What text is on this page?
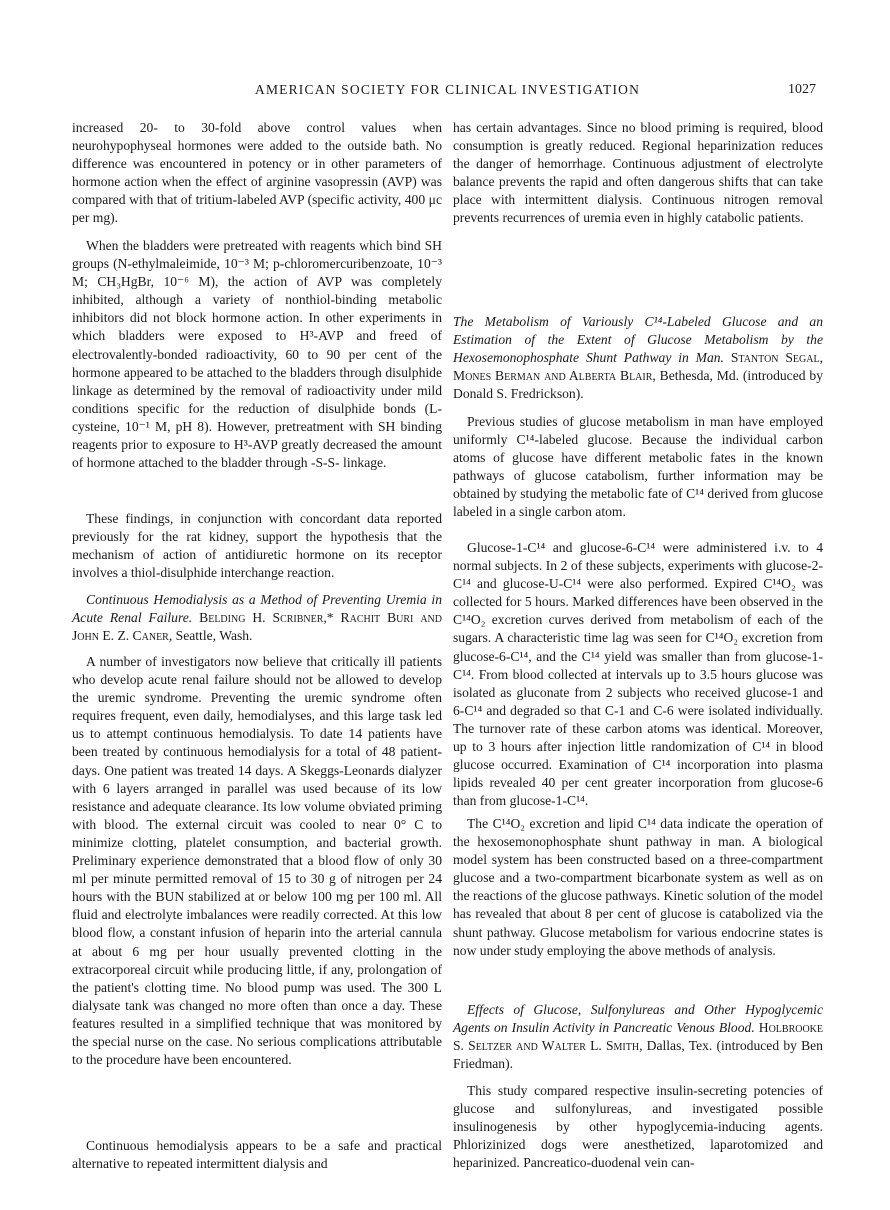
AMERICAN SOCIETY FOR CLINICAL INVESTIGATION	1027

increased 20- to 30-fold above control values when neurohypophyseal hormones were added to the outside bath. No difference was encountered in potency or in other parameters of hormone action when the effect of arginine vasopressin (AVP) was compared with that of tritium-labeled AVP (specific activity, 400 μc per mg).

When the bladders were pretreated with reagents which bind SH groups (N-ethylmaleimide, 10⁻³ M; p-chloromercuribenzoate, 10⁻³ M; CH₃HgBr, 10⁻⁶ M), the action of AVP was completely inhibited, although a variety of nonthiol-binding metabolic inhibitors did not block hormone action. In other experiments in which bladders were exposed to H³-AVP and freed of electrovalently-bonded radioactivity, 60 to 90 per cent of the hormone appeared to be attached to the bladders through disulphide linkage as determined by the removal of radioactivity under mild conditions specific for the reduction of disulphide bonds (L-cysteine, 10⁻¹ M, pH 8). However, pretreatment with SH binding reagents prior to exposure to H³-AVP greatly decreased the amount of hormone attached to the bladder through -S-S- linkage.

These findings, in conjunction with concordant data reported previously for the rat kidney, support the hypothesis that the mechanism of action of antidiuretic hormone on its receptor involves a thiol-disulphide interchange reaction.

Continuous Hemodialysis as a Method of Preventing Uremia in Acute Renal Failure. Belding H. Scribner,* Rachit Buri and John E. Z. Caner, Seattle, Wash.

A number of investigators now believe that critically ill patients who develop acute renal failure should not be allowed to develop the uremic syndrome. Preventing the uremic syndrome often requires frequent, even daily, hemodialyses, and this large task led us to attempt continuous hemodialysis. To date 14 patients have been treated by continuous hemodialysis for a total of 48 patient-days. One patient was treated 14 days. A Skeggs-Leonards dialyzer with 6 layers arranged in parallel was used because of its low resistance and adequate clearance. Its low volume obviated priming with blood. The external circuit was cooled to near 0° C to minimize clotting, platelet consumption, and bacterial growth. Preliminary experience demonstrated that a blood flow of only 30 ml per minute permitted removal of 15 to 30 g of nitrogen per 24 hours with the BUN stabilized at or below 100 mg per 100 ml. All fluid and electrolyte imbalances were readily corrected. At this low blood flow, a constant infusion of heparin into the arterial cannula at about 6 mg per hour usually prevented clotting in the extracorporeal circuit while producing little, if any, prolongation of the patient's clotting time. No blood pump was used. The 300 L dialysate tank was changed no more often than once a day. These features resulted in a simplified technique that was monitored by the special nurse on the case. No serious complications attributable to the procedure have been encountered.

Continuous hemodialysis appears to be a safe and practical alternative to repeated intermittent dialysis and

has certain advantages. Since no blood priming is required, blood consumption is greatly reduced. Regional heparinization reduces the danger of hemorrhage. Continuous adjustment of electrolyte balance prevents the rapid and often dangerous shifts that can take place with intermittent dialysis. Continuous nitrogen removal prevents recurrences of uremia even in highly catabolic patients.

The Metabolism of Variously C¹⁴-Labeled Glucose and an Estimation of the Extent of Glucose Metabolism by the Hexosemonophosphate Shunt Pathway in Man. Stanton Segal, Mones Berman and Alberta Blair, Bethesda, Md. (introduced by Donald S. Fredrickson).

Previous studies of glucose metabolism in man have employed uniformly C¹⁴-labeled glucose. Because the individual carbon atoms of glucose have different metabolic fates in the known pathways of glucose catabolism, further information may be obtained by studying the metabolic fate of C¹⁴ derived from glucose labeled in a single carbon atom.

Glucose-1-C¹⁴ and glucose-6-C¹⁴ were administered i.v. to 4 normal subjects. In 2 of these subjects, experiments with glucose-2-C¹⁴ and glucose-U-C¹⁴ were also performed. Expired C¹⁴O₂ was collected for 5 hours. Marked differences have been observed in the C¹⁴O₂ excretion curves derived from metabolism of each of the sugars. A characteristic time lag was seen for C¹⁴O₂ excretion from glucose-6-C¹⁴, and the C¹⁴ yield was smaller than from glucose-1-C¹⁴. From blood collected at intervals up to 3.5 hours glucose was isolated as gluconate from 2 subjects who received glucose-1 and 6-C¹⁴ and degraded so that C-1 and C-6 were isolated individually. The turnover rate of these carbon atoms was identical. Moreover, up to 3 hours after injection little randomization of C¹⁴ in blood glucose occurred. Examination of C¹⁴ incorporation into plasma lipids revealed 40 per cent greater incorporation from glucose-6 than from glucose-1-C¹⁴.

The C¹⁴O₂ excretion and lipid C¹⁴ data indicate the operation of the hexosemonophosphate shunt pathway in man. A biological model system has been constructed based on a three-compartment glucose and a two-compartment bicarbonate system as well as on the reactions of the glucose pathways. Kinetic solution of the model has revealed that about 8 per cent of glucose is catabolized via the shunt pathway. Glucose metabolism for various endocrine states is now under study employing the above methods of analysis.

Effects of Glucose, Sulfonylureas and Other Hypoglycemic Agents on Insulin Activity in Pancreatic Venous Blood. Holbrooke S. Seltzer and Walter L. Smith, Dallas, Tex. (introduced by Ben Friedman).

This study compared respective insulin-secreting potencies of glucose and sulfonylureas, and investigated possible insulinogenesis by other hypoglycemia-inducing agents. Phlorizinized dogs were anesthetized, laparotomized and heparinized. Pancreatico-duodenal vein can-
